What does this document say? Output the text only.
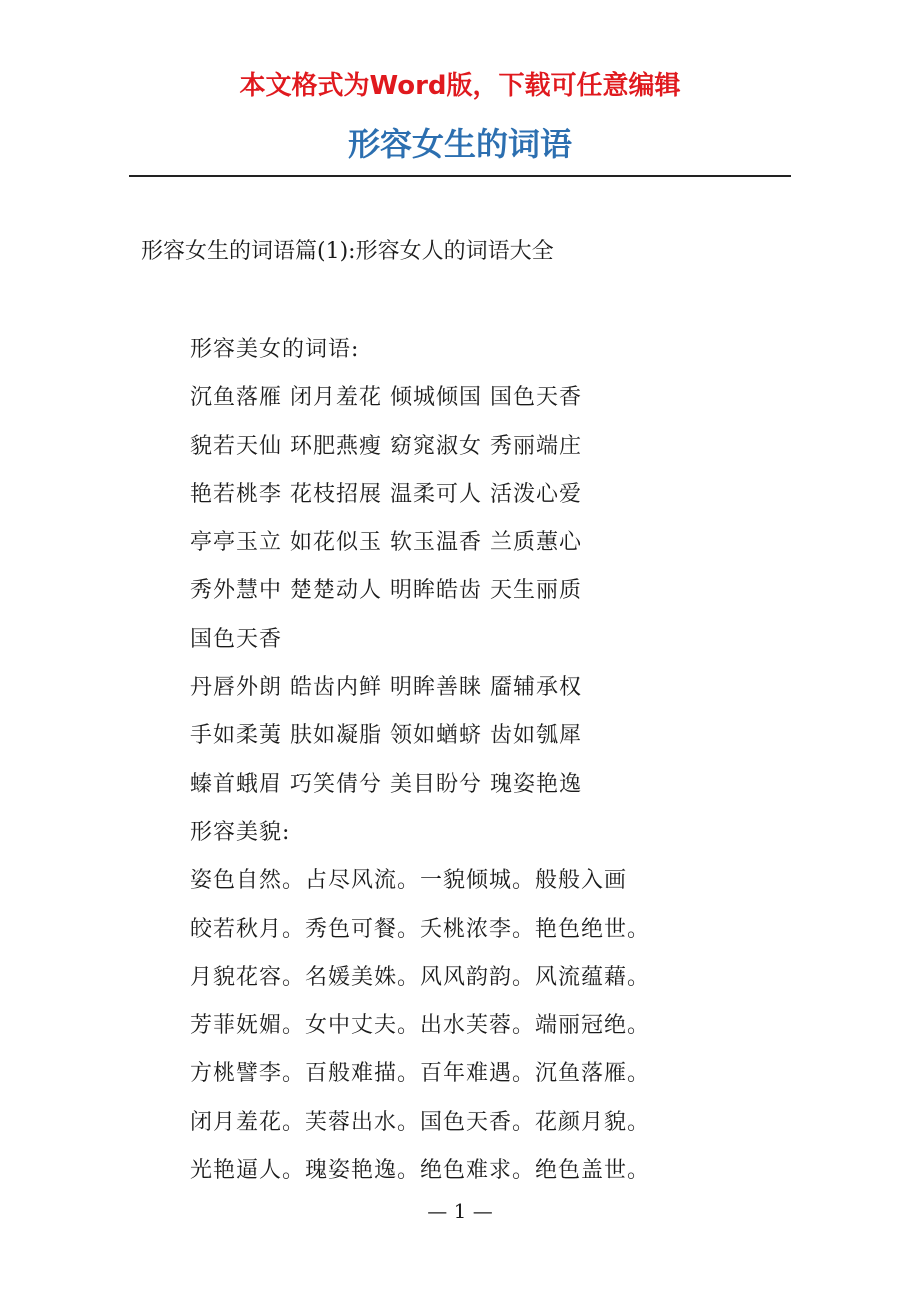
本文格式为Word版，下载可任意编辑

形容女生的词语

形容女生的词语篇(1):形容女人的词语大全

形容美女的词语:
沉鱼落雁 闭月羞花 倾城倾国 国色天香
貌若天仙 环肥燕瘦 窈窕淑女 秀丽端庄
艳若桃李 花枝招展 温柔可人 活泼心爱
亭亭玉立 如花似玉 软玉温香 兰质蕙心
秀外慧中 楚楚动人 明眸皓齿 天生丽质
国色天香
丹唇外朗 皓齿内鲜 明眸善睐 靥辅承权
手如柔荑 肤如凝脂 领如蝤蛴 齿如瓠犀
螓首蛾眉 巧笑倩兮 美目盼兮 瑰姿艳逸
形容美貌:
姿色自然。占尽风流。一貌倾城。般般入画
皎若秋月。秀色可餐。夭桃浓李。艳色绝世。
月貌花容。名媛美姝。风风韵韵。风流蕴藉。
芳菲妩媚。女中丈夫。出水芙蓉。端丽冠绝。
方桃譬李。百般难描。百年难遇。沉鱼落雁。
闭月羞花。芙蓉出水。国色天香。花颜月貌。
光艳逼人。瑰姿艳逸。绝色难求。绝色盖世。

— 1 —
